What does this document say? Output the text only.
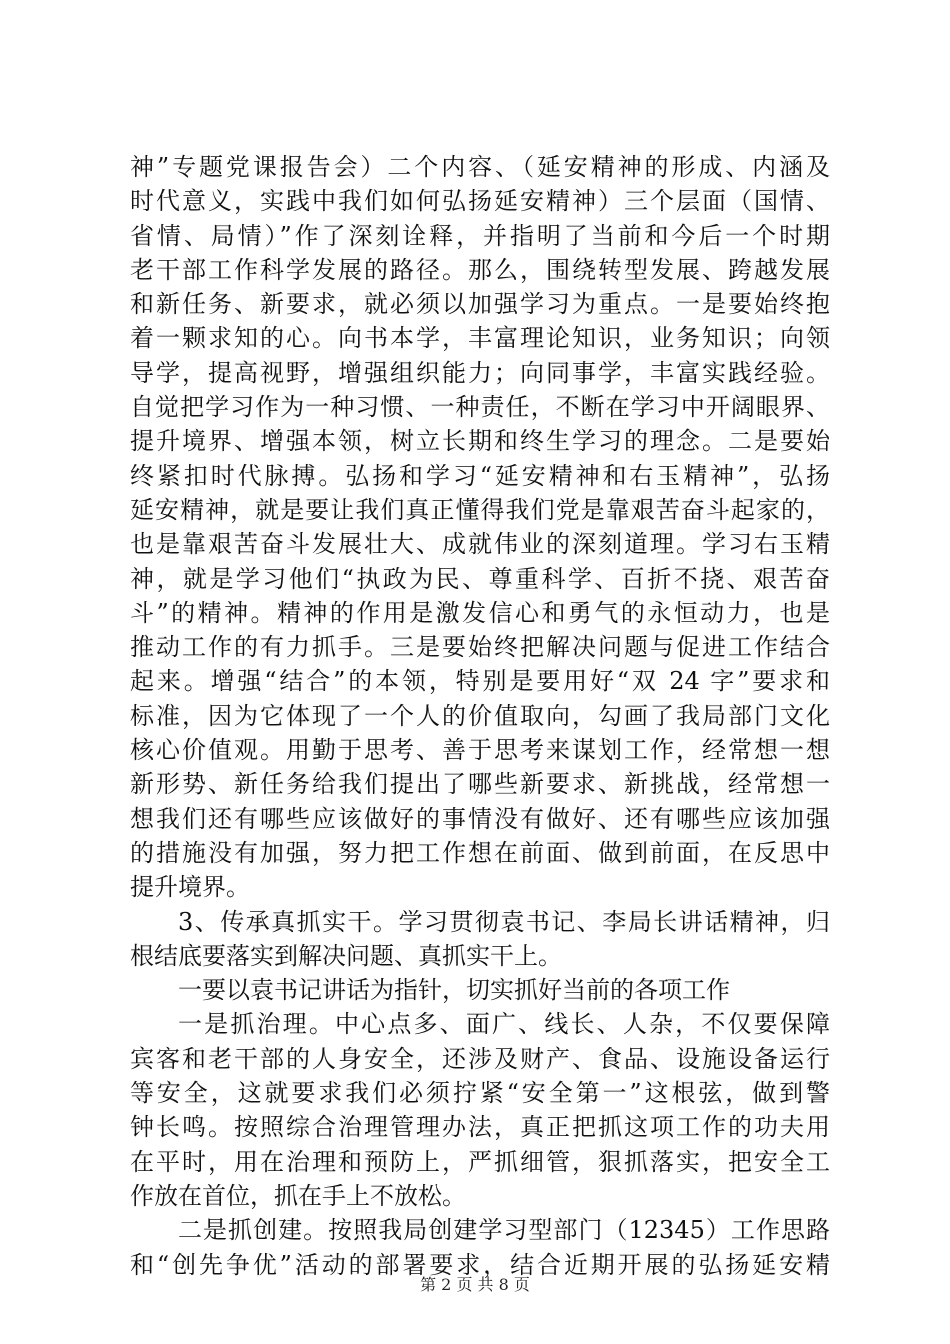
神”专题党课报告会）二个内容、（延安精神的形成、内涵及
时代意义，实践中我们如何弘扬延安精神）三个层面（国情、
省情、局情）”作了深刻诠释，并指明了当前和今后一个时期
老干部工作科学发展的路径。那么，围绕转型发展、跨越发展
和新任务、新要求，就必须以加强学习为重点。一是要始终抱
着一颗求知的心。向书本学，丰富理论知识，业务知识；向领
导学，提高视野，增强组织能力；向同事学，丰富实践经验。
自觉把学习作为一种习惯、一种责任，不断在学习中开阔眼界、
提升境界、增强本领，树立长期和终生学习的理念。二是要始
终紧扣时代脉搏。弘扬和学习“延安精神和右玉精神”，弘扬
延安精神，就是要让我们真正懂得我们党是靠艰苦奋斗起家的，
也是靠艰苦奋斗发展壮大、成就伟业的深刻道理。学习右玉精
神，就是学习他们“执政为民、尊重科学、百折不挠、艰苦奋
斗”的精神。精神的作用是激发信心和勇气的永恒动力，也是
推动工作的有力抓手。三是要始终把解决问题与促进工作结合
起来。增强“结合”的本领，特别是要用好“双 24 字”要求和
标准，因为它体现了一个人的价值取向，勾画了我局部门文化
核心价值观。用勤于思考、善于思考来谋划工作，经常想一想
新形势、新任务给我们提出了哪些新要求、新挑战，经常想一
想我们还有哪些应该做好的事情没有做好、还有哪些应该加强
的措施没有加强，努力把工作想在前面、做到前面，在反思中
提升境界。
3、传承真抓实干。学习贯彻袁书记、李局长讲话精神，归
根结底要落实到解决问题、真抓实干上。
一要以袁书记讲话为指针，切实抓好当前的各项工作
一是抓治理。中心点多、面广、线长、人杂，不仅要保障
宾客和老干部的人身安全，还涉及财产、食品、设施设备运行
等安全，这就要求我们必须拧紧“安全第一”这根弦，做到警
钟长鸣。按照综合治理管理办法，真正把抓这项工作的功夫用
在平时，用在治理和预防上，严抓细管，狠抓落实，把安全工
作放在首位，抓在手上不放松。
二是抓创建。按照我局创建学习型部门（12345）工作思路
和“创先争优”活动的部署要求，结合近期开展的弘扬延安精
第 2 页 共 8 页
